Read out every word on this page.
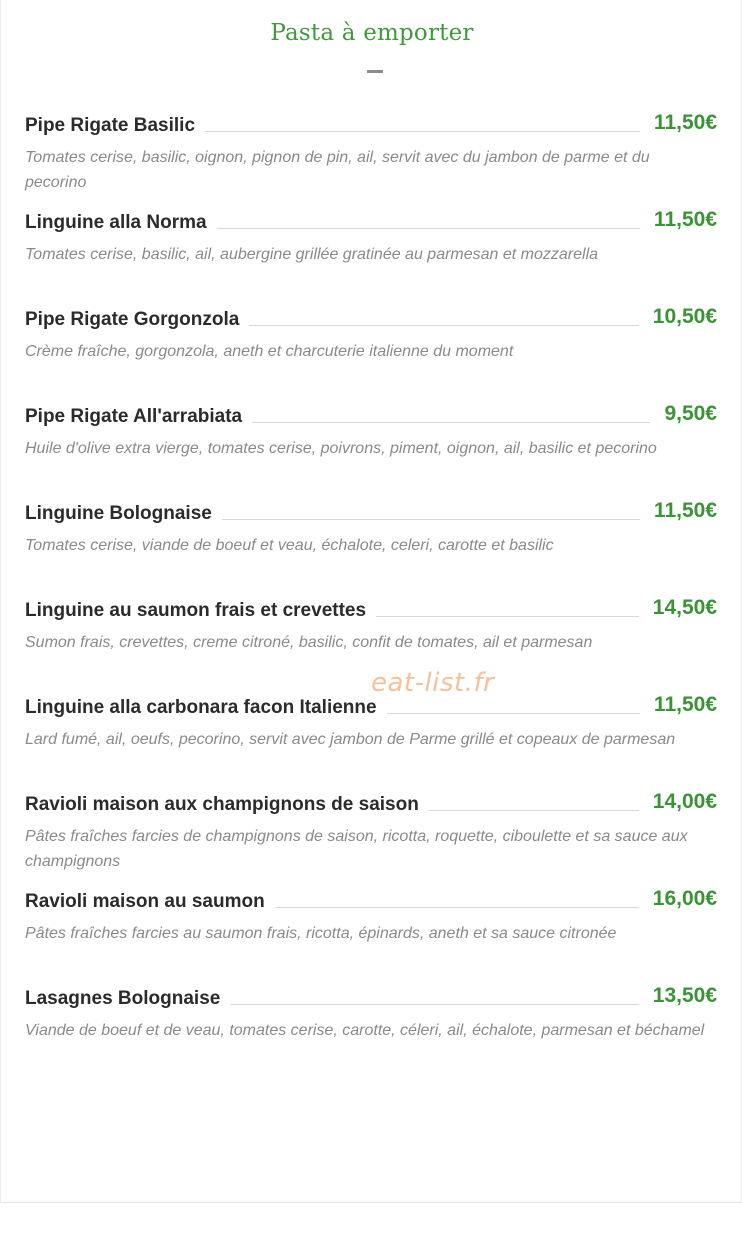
Pasta à emporter
Pipe Rigate Basilic	11,50€
Tomates cerise, basilic, oignon, pignon de pin, ail, servit avec du jambon de parme et du pecorino
Linguine alla Norma	11,50€
Tomates cerise, basilic, ail, aubergine grillée gratinée au parmesan et mozzarella
Pipe Rigate Gorgonzola	10,50€
Crème fraîche, gorgonzola, aneth et charcuterie italienne du moment
Pipe Rigate All'arrabiata	9,50€
Huile d'olive extra vierge, tomates cerise, poivrons, piment, oignon, ail, basilic et pecorino
Linguine Bolognaise	11,50€
Tomates cerise, viande de boeuf et veau, échalote, celeri, carotte et basilic
Linguine au saumon frais et crevettes	14,50€
Sumon frais, crevettes, creme citroné, basilic, confit de tomates, ail et parmesan
Linguine alla carbonara facon Italienne	11,50€
Lard fumé, ail, oeufs, pecorino, servit avec jambon de Parme grillé et copeaux de parmesan
Ravioli maison aux champignons de saison	14,00€
Pâtes fraîches farcies de champignons de saison, ricotta, roquette, ciboulette et sa sauce aux champignons
Ravioli maison au saumon	16,00€
Pâtes fraîches farcies au saumon frais, ricotta, épinards, aneth et sa sauce citronée
Lasagnes Bolognaise	13,50€
Viande de boeuf et de veau, tomates cerise, carotte, céleri, ail, échalote, parmesan et béchamel
eat-list.fr
